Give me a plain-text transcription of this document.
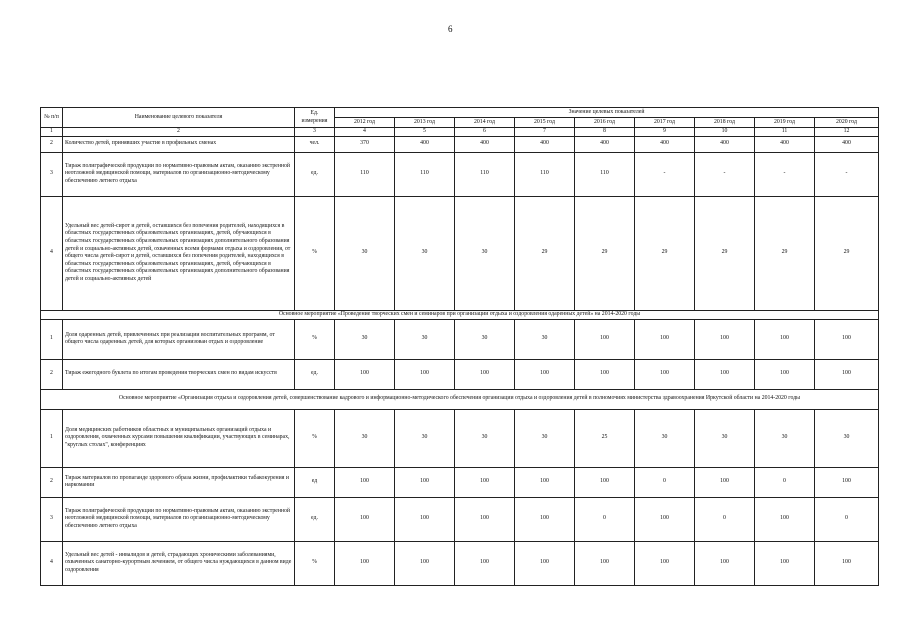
6
№ п/п	Наименование целевого показателя	Ед. измерения	Значение целевых показателей								
			2012 год	2013 год	2014 год	2015 год	2016 год	2017 год	2018 год	2019 год	2020 год
1	2	3	4	5	6	7	8	9	10	11	12
2	Количество детей, принявших участие в профильных сменах	чел.	370	400	400	400	400	400	400	400	400
3	Тираж полиграфической продукции по нормативно-правовым актам, оказанию экстренной неотложной медицинской помощи, материалов по организационно-методическому обеспечению летнего отдыха	ед.	110	110	110	110	110	-	-	-	-
4	Удельный вес детей-сирот и детей, оставшихся без попечения родителей, находящихся в областных государственных образовательных организациях, детей, обучающихся в областных государственных образовательных организациях дополнительного образования детей и социально-активных детей, охваченных всеми формами отдыха и оздоровления, от общего числа детей-сирот и детей, оставшихся без попечения родителей, находящихся в областных государственных образовательных организациях, детей, обучающихся в областных государственных образовательных организациях дополнительного образования детей и социально-активных детей	%	30	30	30	29	29	29	29	29	29
Основное мероприятие «Проведение творческих смен и семинаров при организации отдыха и оздоровления одаренных детей» на 2014-2020 годы											
1	Доля одаренных детей, привлеченных при реализации воспитательных программ, от общего числа одаренных детей, для которых организован отдых и оздоровление	%	30	30	30	30	100	100	100	100	100
2	Тираж ежегодного буклета по итогам проведения творческих смен по видам искусств	ед.	100	100	100	100	100	100	100	100	100
Основное мероприятие «Организация отдыха и оздоровления детей, совершенствование кадрового и информационно-методического обеспечения организации отдыха и оздоровления детей в полномочиях министерства здравоохранения Иркутской области на 2014-2020 годы											
1	Доля медицинских работников областных и муниципальных организаций отдыха и оздоровления, охваченных курсами повышения квалификации, участвующих в семинарах, "круглых столах", конференциях	%	30	30	30	30	25	30	30	30	30
2	Тираж материалов по пропаганде здорового образа жизни, профилактики табакокурения и наркомании	ед	100	100	100	100	100	0	100	0	100
3	Тираж полиграфической продукции по нормативно-правовым актам, оказанию экстренной неотложной медицинской помощи, материалов по организационно-методическому обеспечению летнего отдыха	ед.	100	100	100	100	0	100	0	100	0
4	Удельный вес детей - инвалидов и детей, страдающих хроническими заболеваниями, охваченных санаторно-курортным лечением, от общего числа нуждающихся в данном виде оздоровления	%	100	100	100	100	100	100	100	100	100
